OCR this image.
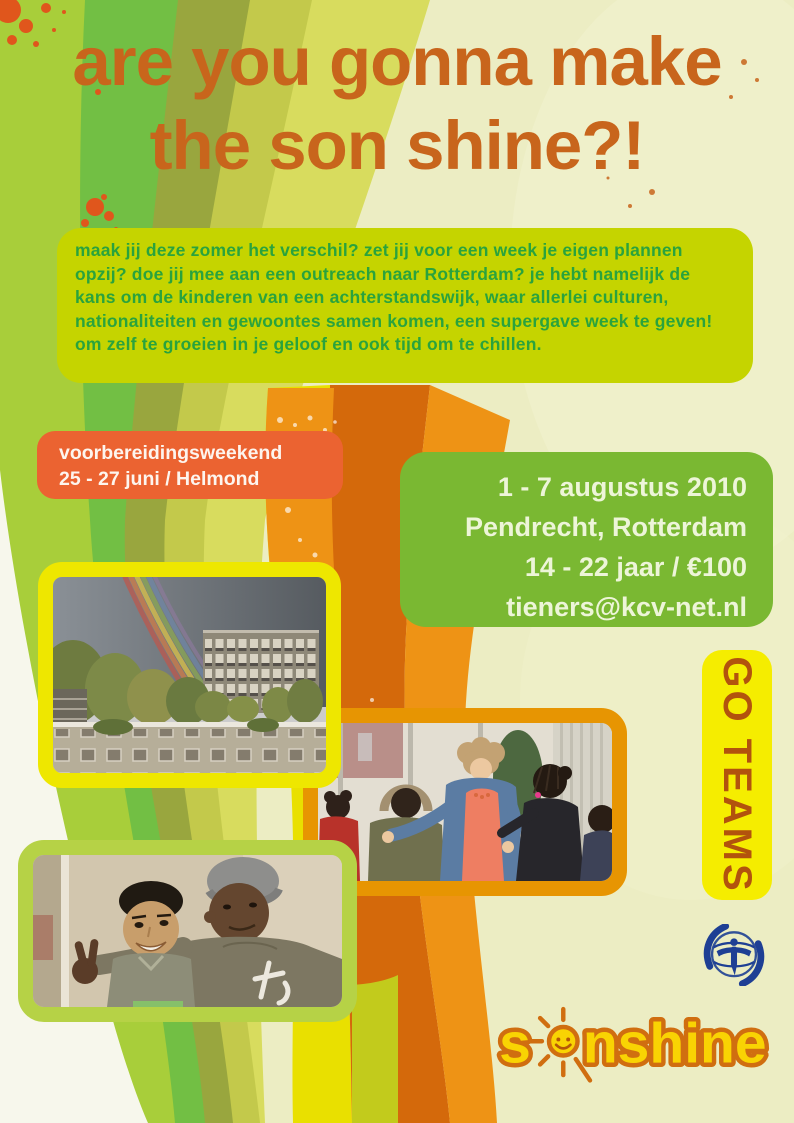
are you gonna make
the son shine?!

maak jij deze zomer het verschil? zet jij voor een week je eigen plannen opzij? doe jij mee aan een outreach naar Rotterdam? je hebt namelijk de kans om de kinderen van een achterstandswijk, waar allerlei culturen, nationaliteiten en gewoontes samen komen, een supergave week te geven! om zelf te groeien in je geloof en ook tijd om te chillen.

voorbereidingsweekend
25 - 27 juni / Helmond	1 - 7 augustus 2010
Pendrecht, Rotterdam
14 - 22 jaar / €100
tieners@kcv-net.nl
GO TEAMS
s nshine
